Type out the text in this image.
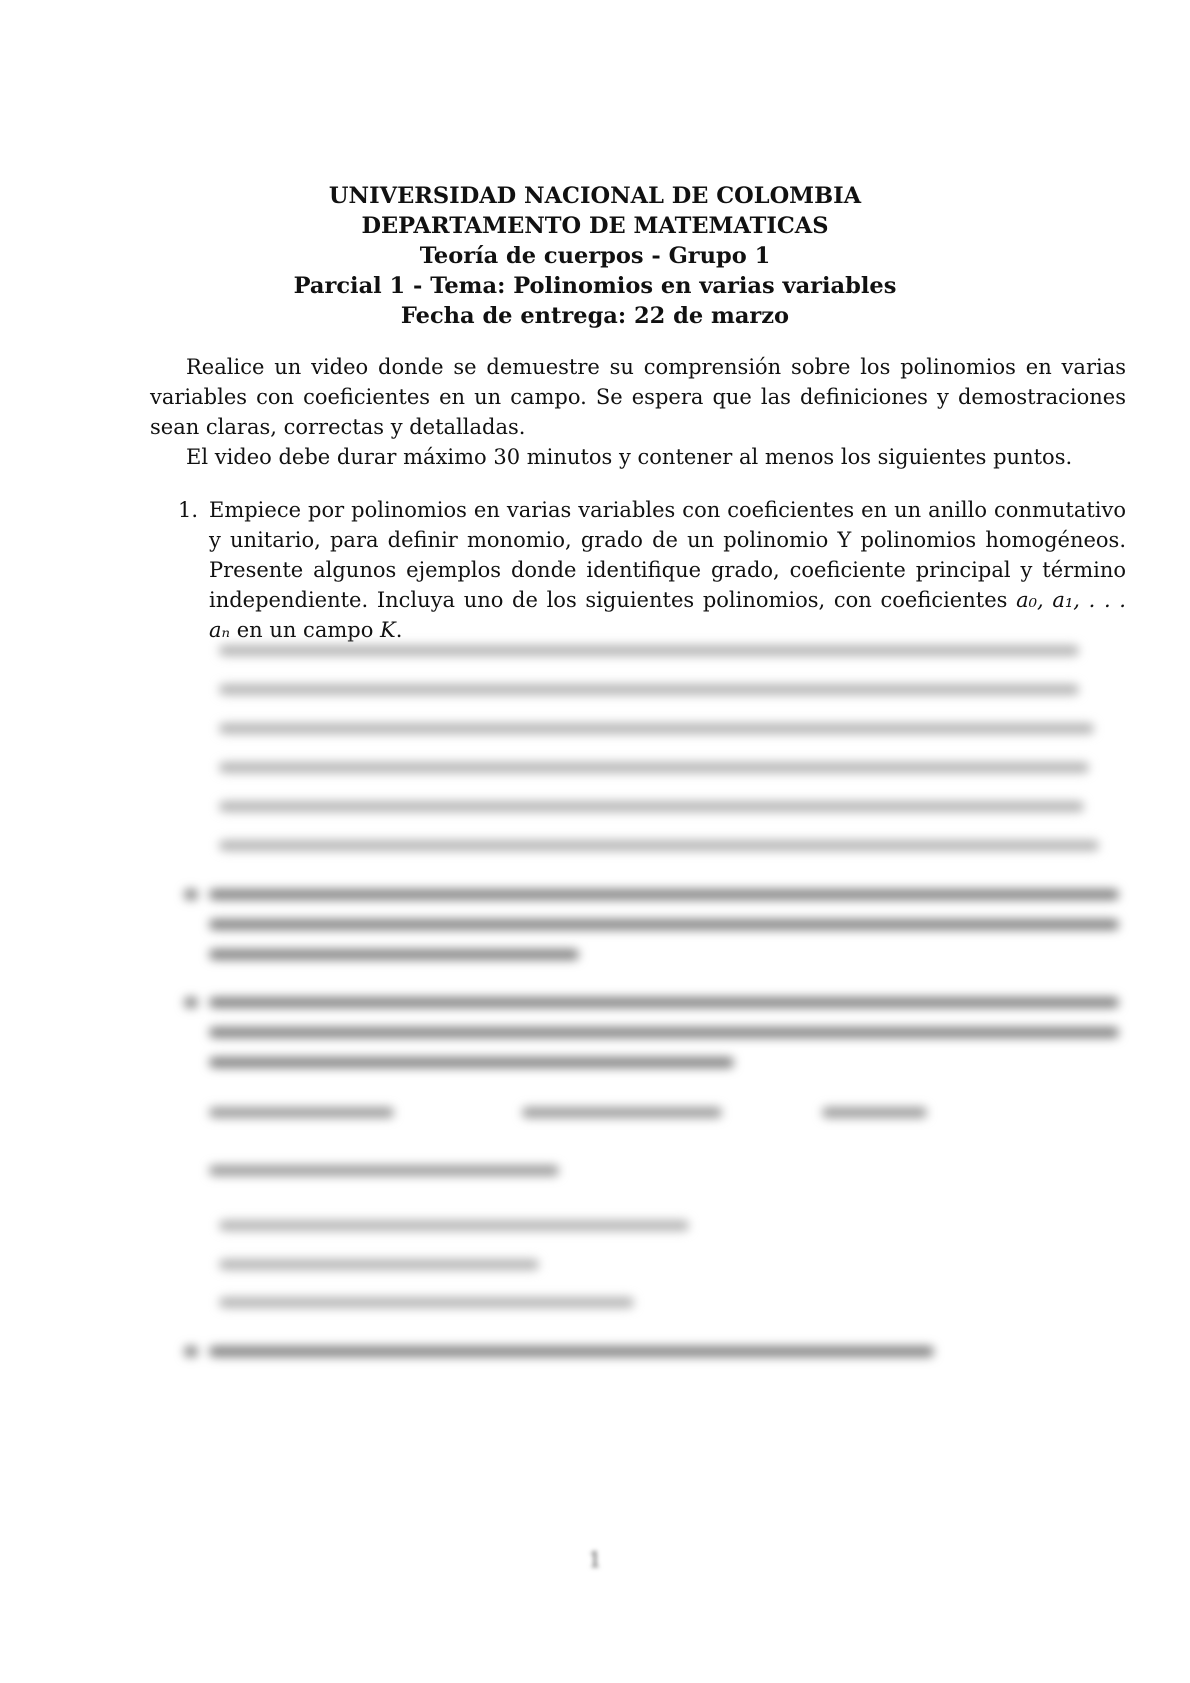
UNIVERSIDAD NACIONAL DE COLOMBIA
DEPARTAMENTO DE MATEMATICAS
Teoría de cuerpos - Grupo 1
Parcial 1 - Tema: Polinomios en varias variables
Fecha de entrega: 22 de marzo

Realice un video donde se demuestre su comprensión sobre los polinomios en varias variables con coeficientes en un campo. Se espera que las definiciones y demostraciones sean claras, correctas y detalladas.

El video debe durar máximo 30 minutos y contener al menos los siguientes puntos.

1. Empiece por polinomios en varias variables con coeficientes en un anillo conmutativo y unitario, para definir monomio, grado de un polinomio Y polinomios homogéneos. Presente algunos ejemplos donde identifique grado, coeficiente principal y término independiente. Incluya uno de los siguientes polinomios, con coeficientes a₀, a₁, . . . aₙ en un campo K.
1
